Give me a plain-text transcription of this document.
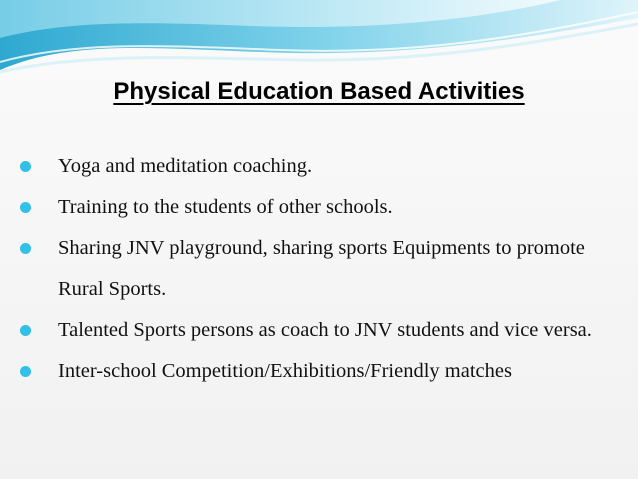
Physical Education Based Activities
Yoga and meditation coaching.
Training to the students of other schools.
Sharing JNV playground, sharing sports Equipments to promote Rural Sports.
Talented Sports persons as coach to JNV students and vice versa.
Inter-school Competition/Exhibitions/Friendly matches
